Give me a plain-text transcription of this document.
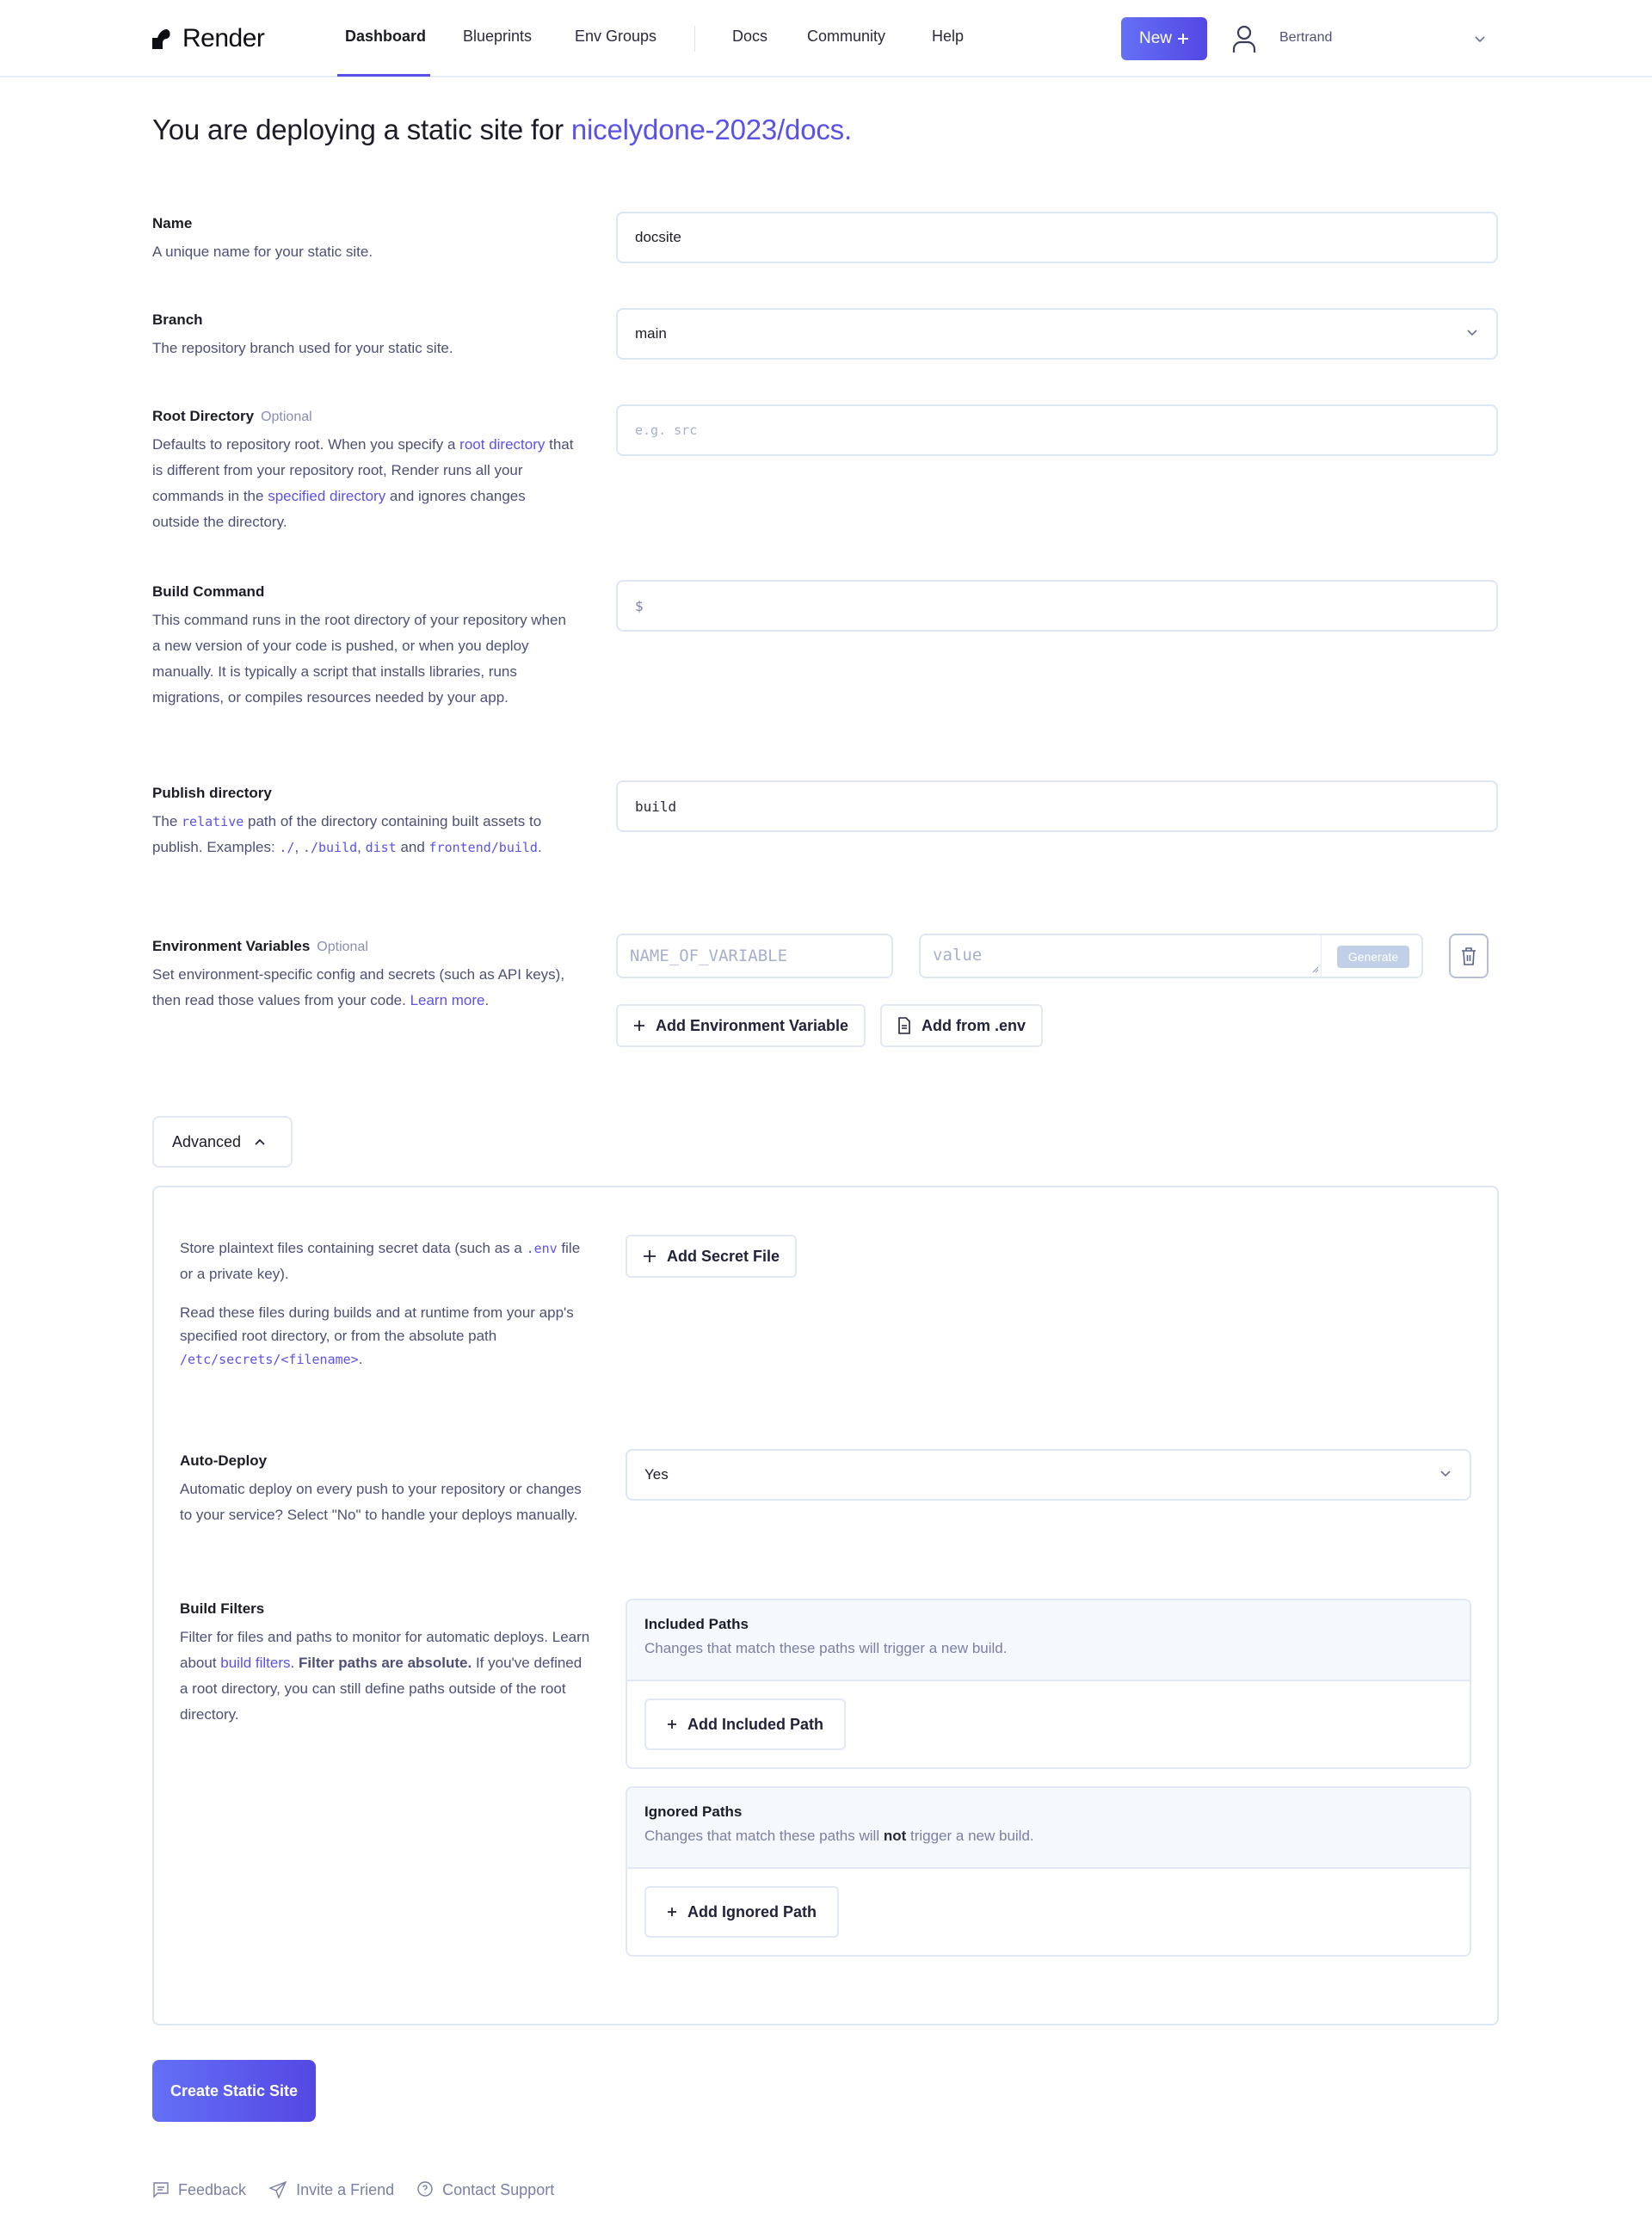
Render	Dashboard Blueprints	Env Groups	Docs	Community	Help	New	Bertrand
You are deploying a static site for nicelydone-2023/docs.
Name
A unique name for your static site.
docsite
Branch
The repository branch used for your static site.
main
Root Directory Optional
Defaults to repository root. When you specify a root directory that is different from your repository root, Render runs all your commands in the specified directory and ignores changes outside the directory.
e.g. src
Build Command
This command runs in the root directory of your repository when a new version of your code is pushed, or when you deploy manually. It is typically a script that installs libraries, runs migrations, or compiles resources needed by your app.
$
Publish directory
The relative path of the directory containing built assets to publish. Examples: ./, ./build, dist and frontend/build.
build
Environment Variables Optional
Set environment-specific config and secrets (such as API keys), then read those values from your code. Learn more.
NAME_OF_VARIABLE	value	Generate
Add Environment Variable	Add from .env
Advanced
Store plaintext files containing secret data (such as a .env file or a private key).
Read these files during builds and at runtime from your app's specified root directory, or from the absolute path /etc/secrets/<filename>.
Add Secret File
Auto-Deploy
Automatic deploy on every push to your repository or changes to your service? Select "No" to handle your deploys manually.
Yes
Build Filters
Filter for files and paths to monitor for automatic deploys. Learn about build filters. Filter paths are absolute. If you've defined a root directory, you can still define paths outside of the root directory.
Included Paths
Changes that match these paths will trigger a new build.
Add Included Path
Ignored Paths
Changes that match these paths will not trigger a new build.
Add Ignored Path
Create Static Site
Feedback	Invite a Friend	Contact Support
